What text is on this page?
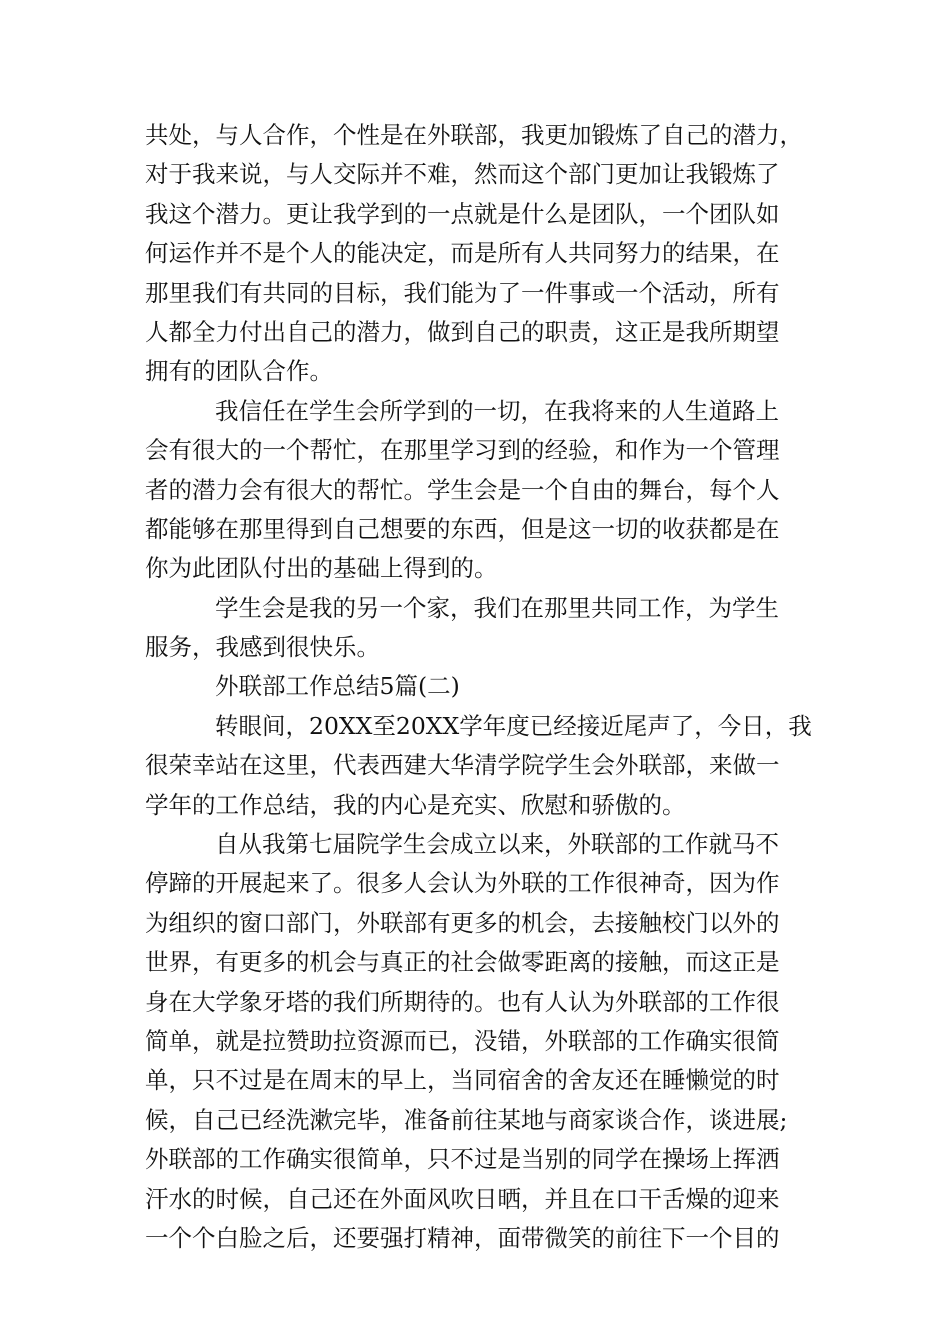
共处，与人合作，个性是在外联部，我更加锻炼了自己的潜力，
对于我来说，与人交际并不难，然而这个部门更加让我锻炼了
我这个潜力。更让我学到的一点就是什么是团队，一个团队如
何运作并不是个人的能决定，而是所有人共同努力的结果，在
那里我们有共同的目标，我们能为了一件事或一个活动，所有
人都全力付出自己的潜力，做到自己的职责，这正是我所期望
拥有的团队合作。
我信任在学生会所学到的一切，在我将来的人生道路上
会有很大的一个帮忙，在那里学习到的经验，和作为一个管理
者的潜力会有很大的帮忙。学生会是一个自由的舞台，每个人
都能够在那里得到自己想要的东西，但是这一切的收获都是在
你为此团队付出的基础上得到的。
学生会是我的另一个家，我们在那里共同工作，为学生
服务，我感到很快乐。
外联部工作总结5篇(二)
转眼间，20XX至20XX学年度已经接近尾声了，今日，我
很荣幸站在这里，代表西建大华清学院学生会外联部，来做一
学年的工作总结，我的内心是充实、欣慰和骄傲的。
自从我第七届院学生会成立以来，外联部的工作就马不
停蹄的开展起来了。很多人会认为外联的工作很神奇，因为作
为组织的窗口部门，外联部有更多的机会，去接触校门以外的
世界，有更多的机会与真正的社会做零距离的接触，而这正是
身在大学象牙塔的我们所期待的。也有人认为外联部的工作很
简单，就是拉赞助拉资源而已，没错，外联部的工作确实很简
单，只不过是在周末的早上，当同宿舍的舍友还在睡懒觉的时
候，自己已经洗漱完毕，准备前往某地与商家谈合作，谈进展;
外联部的工作确实很简单，只不过是当别的同学在操场上挥洒
汗水的时候，自己还在外面风吹日晒，并且在口干舌燥的迎来
一个个白脸之后，还要强打精神，面带微笑的前往下一个目的
